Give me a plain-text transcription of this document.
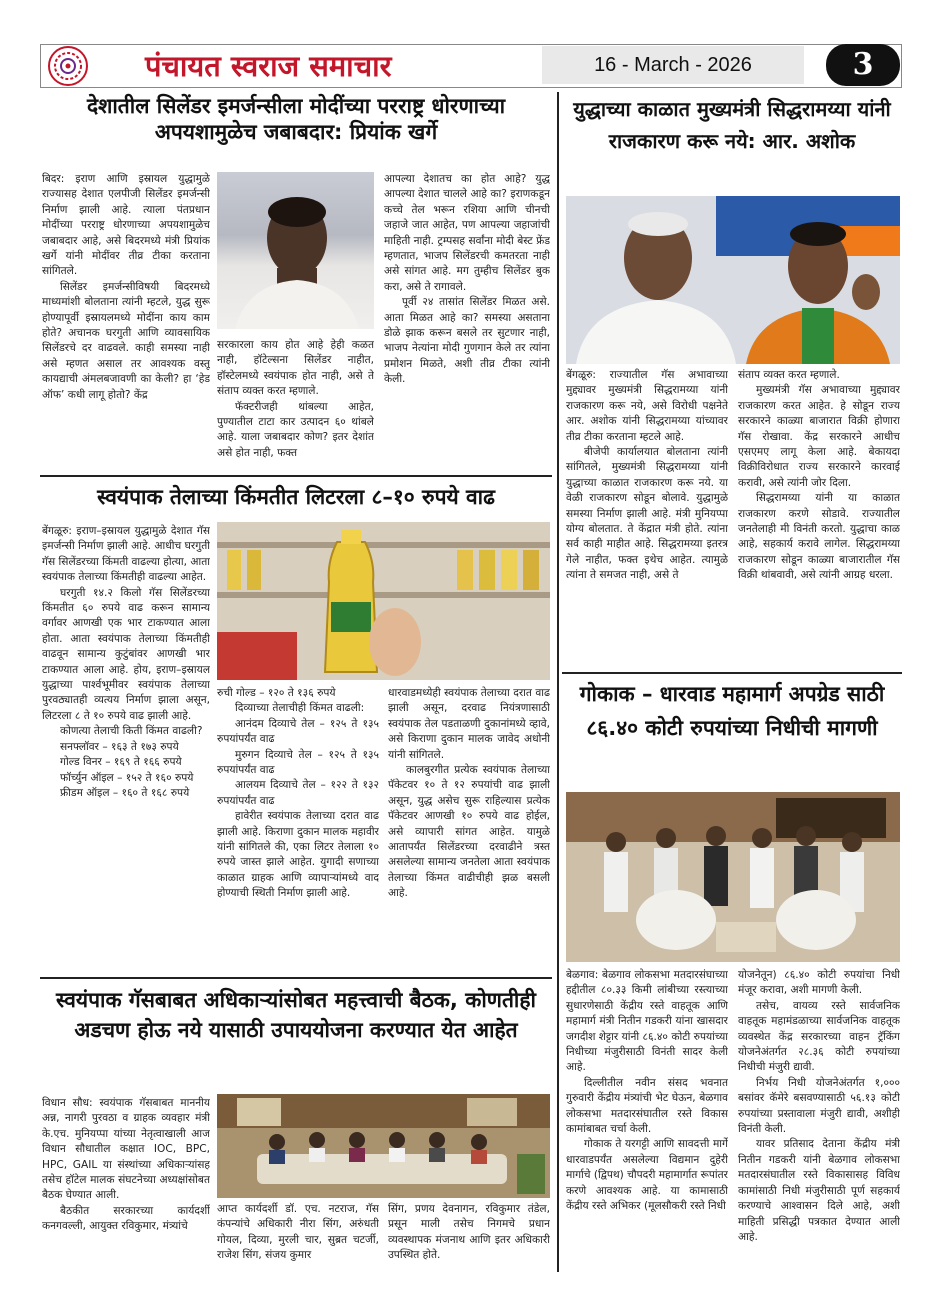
पंचायत स्वराज समाचार	16 - March - 2026	3
देशातील सिलेंडर इमर्जन्सीला मोदींच्या परराष्ट्र धोरणाच्या अपयशामुळेच जबाबदार: प्रियांक खर्गे

बिदर: इराण आणि इस्रायल युद्धामुळे राज्यासह देशात एलपीजी सिलेंडर इमर्जन्सी निर्माण झाली आहे. त्याला पंतप्रधान मोदींच्या परराष्ट्र धोरणाच्या अपयशामुळेच जबाबदार आहे, असे बिदरमध्ये मंत्री प्रियांक खर्गे यांनी मोदींवर तीव्र टीका करताना सांगितले.

सिलेंडर इमर्जन्सीविषयी बिदरमध्ये माध्यमांशी बोलताना त्यांनी म्हटले, युद्ध सुरू होण्यापूर्वी इस्रायलमध्ये मोदींना काय काम होते? अचानक घरगुती आणि व्यावसायिक सिलेंडरचे दर वाढवले. काही समस्या नाही असे म्हणत असाल तर आवश्यक वस्तू कायद्याची अंमलबजावणी का केली? हा ‘हेड ऑफ’ कधी लागू होतो? केंद्र

सरकारला काय होत आहे हेही कळत नाही, हॉटेल्सना सिलेंडर नाहीत, हॉस्टेलमध्ये स्वयंपाक होत नाही, असे ते संताप व्यक्त करत म्हणाले.

फॅक्टरीजही थांबल्या आहेत, पुण्यातील टाटा कार उत्पादन ६० थांबले आहे. याला जबाबदार कोण? इतर देशांत असे होत नाही, फक्त

आपल्या देशातच का होत आहे? युद्ध आपल्या देशात चालले आहे का? इराणकडून कच्चे तेल भरून रशिया आणि चीनची जहाजे जात आहेत, पण आपल्या जहाजांची माहिती नाही. ट्रम्पसह सर्वांना मोदी बेस्ट फ्रेंड म्हणतात, भाजप सिलेंडरची कमतरता नाही असे सांगत आहे. मग तुम्हीच सिलेंडर बुक करा, असे ते रागावले.

पूर्वी २४ तासांत सिलेंडर मिळत असे. आता मिळत आहे का? समस्या असताना डोळे झाक करून बसले तर सुटणार नाही, भाजप नेत्यांना मोदी गुणगान केले तर त्यांना प्रमोशन मिळते, अशी तीव्र टीका त्यांनी केली.

स्वयंपाक तेलाच्या किंमतीत लिटरला ८–१० रुपये वाढ

बेंगळूरु: इराण–इस्रायल युद्धामुळे देशात गॅस इमर्जन्सी निर्माण झाली आहे. आधीच घरगुती गॅस सिलेंडरच्या किंमती वाढल्या होत्या, आता स्वयंपाक तेलाच्या किंमतीही वाढल्या आहेत.

घरगुती १४.२ किलो गॅस सिलेंडरच्या किंमतीत ६० रुपये वाढ करून सामान्य वर्गावर आणखी एक भार टाकण्यात आला होता. आता स्वयंपाक तेलाच्या किंमतीही वाढवून सामान्य कुटुंबांवर आणखी भार टाकण्यात आला आहे. होय, इराण–इस्रायल युद्धाच्या पार्श्वभूमीवर स्वयंपाक तेलाच्या पुरवठ्यातही व्यत्यय निर्माण झाला असून, लिटरला ८ ते १० रुपये वाढ झाली आहे.

कोणत्या तेलाची किती किंमत वाढली?

सनफ्लॉवर – १६३ ते १७३ रुपये

गोल्ड विनर – १६९ ते १६६ रुपये

फॉर्च्युन ऑइल – १५२ ते १६० रुपये

फ्रीडम ऑइल – १६० ते १६८ रुपये

रुची गोल्ड – १२० ते १३६ रुपये

दिव्याच्या तेलाचीही किंमत वाढली:

आनंदम दिव्याचे तेल – १२५ ते १३५ रुपयांपर्यंत वाढ

मुरुगन दिव्याचे तेल – १२५ ते १३५ रुपयांपर्यंत वाढ

आलयम दिव्याचे तेल – १२२ ते १३२ रुपयांपर्यंत वाढ

हावेरीत स्वयंपाक तेलाच्या दरात वाढ झाली आहे. किराणा दुकान मालक महावीर यांनी सांगितले की, एका लिटर तेलाला १० रुपये जास्त झाले आहेत. युगादी सणाच्या काळात ग्राहक आणि व्यापाऱ्यांमध्ये वाद होण्याची स्थिती निर्माण झाली आहे.

धारवाडमध्येही स्वयंपाक तेलाच्या दरात वाढ झाली असून, दरवाढ नियंत्रणासाठी स्वयंपाक तेल पडताळणी दुकानांमध्ये व्हावे, असे किराणा दुकान मालक जावेद अधोनी यांनी सांगितले.

कालबुरगीत प्रत्येक स्वयंपाक तेलाच्या पॅकेटवर १० ते १२ रुपयांची वाढ झाली असून, युद्ध असेच सुरू राहिल्यास प्रत्येक पॅकेटवर आणखी १० रुपये वाढ होईल, असे व्यापारी सांगत आहेत. यामुळे आतापर्यंत सिलेंडरच्या दरवाढीने त्रस्त असलेल्या सामान्य जनतेला आता स्वयंपाक तेलाच्या किंमत वाढीचीही झळ बसली आहे.

स्वयंपाक गॅसबाबत अधिकाऱ्यांसोबत महत्त्वाची बैठक, कोणतीही अडचण होऊ नये यासाठी उपाययोजना करण्यात येत आहेत

विधान सौध: स्वयंपाक गॅसबाबत माननीय अन्न, नागरी पुरवठा व ग्राहक व्यवहार मंत्री के.एच. मुनियप्पा यांच्या नेतृत्वाखाली आज विधान सौधातील कक्षात IOC, BPC, HPC, GAIL या संस्थांच्या अधिकाऱ्यांसह तसेच हॉटेल मालक संघटनेच्या अध्यक्षांसोबत बैठक घेण्यात आली.

बैठकीत सरकारच्या कार्यदर्शी कनगवल्ली, आयुक्त रविकुमार, मंत्र्यांचे

आप्त कार्यदर्शी डॉ. एच. नटराज, गॅस कंपन्यांचे अधिकारी नीरा सिंग, अरुंधती गोयल, दिव्या, मुरली चार, सुब्रत चटर्जी, राजेश सिंग, संजय कुमार

सिंग, प्रणय देवनागन, रविकुमार तंडेल, प्रसून माली तसेच निगमचे प्रधान व्यवस्थापक मंजनाथ आणि इतर अधिकारी उपस्थित होते.

युद्धाच्या काळात मुख्यमंत्री सिद्धरामय्या यांनी राजकारण करू नये: आर. अशोक

बेंगळूरु: राज्यातील गॅस अभावाच्या मुद्द्यावर मुख्यमंत्री सिद्धरामय्या यांनी राजकारण करू नये, असे विरोधी पक्षनेते आर. अशोक यांनी सिद्धरामय्या यांच्यावर तीव्र टीका करताना म्हटले आहे.

बीजेपी कार्यालयात बोलताना त्यांनी सांगितले, मुख्यमंत्री सिद्धरामय्या यांनी युद्धाच्या काळात राजकारण करू नये. या वेळी राजकारण सोडून बोलावे. युद्धामुळे समस्या निर्माण झाली आहे. मंत्री मुनियप्पा योग्य बोलतात. ते केंद्रात मंत्री होते. त्यांना सर्व काही माहीत आहे. सिद्धरामय्या इतरत्र गेले नाहीत, फक्त इथेच आहेत. त्यामुळे त्यांना ते समजत नाही, असे ते

संताप व्यक्त करत म्हणाले.

मुख्यमंत्री गॅस अभावाच्या मुद्द्यावर राजकारण करत आहेत. हे सोडून राज्य सरकारने काळ्या बाजारात विक्री होणारा गॅस रोखावा. केंद्र सरकारने आधीच एसएमए लागू केला आहे. बेकायदा विक्रीविरोधात राज्य सरकारने कारवाई करावी, असे त्यांनी जोर दिला.

सिद्धरामय्या यांनी या काळात राजकारण करणे सोडावे. राज्यातील जनतेलाही मी विनंती करतो. युद्धाचा काळ आहे, सहकार्य करावे लागेल. सिद्धरामय्या राजकारण सोडून काळ्या बाजारातील गॅस विक्री थांबवावी, असे त्यांनी आग्रह धरला.

गोकाक – धारवाड महामार्ग अपग्रेड साठी ८६.४० कोटी रुपयांच्या निधीची मागणी

बेळगाव: बेळगाव लोकसभा मतदारसंघाच्या हद्दीतील ८०.३३ किमी लांबीच्या रस्त्याच्या सुधारणेसाठी केंद्रीय रस्ते वाहतूक आणि महामार्ग मंत्री नितीन गडकरी यांना खासदार जगदीश शेट्टार यांनी ८६.४० कोटी रुपयांच्या निधीच्या मंजुरीसाठी विनंती सादर केली आहे.

दिल्लीतील नवीन संसद भवनात गुरुवारी केंद्रीय मंत्र्यांची भेट घेऊन, बेळगाव लोकसभा मतदारसंघातील रस्ते विकास कामांबाबत चर्चा केली.

गोकाक ते यरगट्टी आणि सावदत्ती मार्गे धारवाडपर्यंत असलेल्या विद्यमान दुहेरी मार्गाचे (द्विपथ) चौपदरी महामार्गात रूपांतर करणे आवश्यक आहे. या कामासाठी केंद्रीय रस्ते अभिकर (मूलसौकरी रस्ते निधी

योजनेतून) ८६.४० कोटी रुपयांचा निधी मंजूर करावा, अशी मागणी केली.

तसेच, वायव्य रस्ते सार्वजनिक वाहतूक महामंडळाच्या सार्वजनिक वाहतूक व्यवस्थेत केंद्र सरकारच्या वाहन ट्रॅकिंग योजनेअंतर्गत २८.३६ कोटी रुपयांच्या निधीची मंजुरी द्यावी.

निर्भय निधी योजनेअंतर्गत १,००० बसांवर कॅमेरे बसवण्यासाठी ५६.१३ कोटी रुपयांच्या प्रस्तावाला मंजुरी द्यावी, अशीही विनंती केली.

यावर प्रतिसाद देताना केंद्रीय मंत्री नितीन गडकरी यांनी बेळगाव लोकसभा मतदारसंघातील रस्ते विकासासह विविध कामांसाठी निधी मंजुरीसाठी पूर्ण सहकार्य करण्याचे आश्वासन दिले आहे, अशी माहिती प्रसिद्धी पत्रकात देण्यात आली आहे.
